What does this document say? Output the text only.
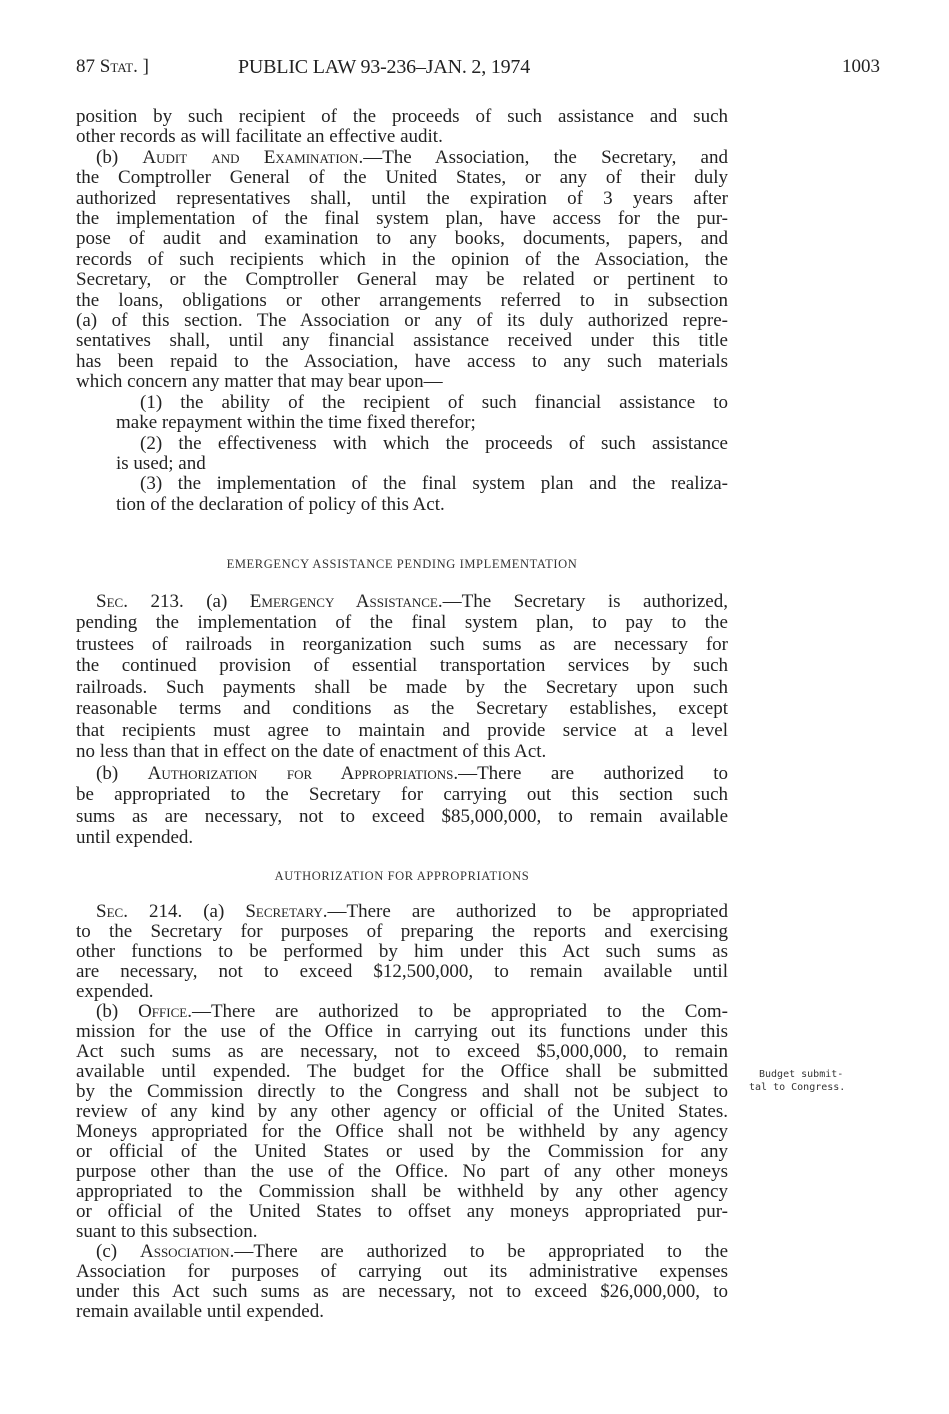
87 Stat. ]	PUBLIC LAW 93-236–JAN. 2, 1974	1003
position by such recipient of the proceeds of such assistance and such
other records as will facilitate an effective audit.
(b) Audit and Examination.—The Association, the Secretary, and
the Comptroller General of the United States, or any of their duly
authorized representatives shall, until the expiration of 3 years after
the implementation of the final system plan, have access for the pur-
pose of audit and examination to any books, documents, papers, and
records of such recipients which in the opinion of the Association, the
Secretary, or the Comptroller General may be related or pertinent to
the loans, obligations or other arrangements referred to in subsection
(a) of this section. The Association or any of its duly authorized repre-
sentatives shall, until any financial assistance received under this title
has been repaid to the Association, have access to any such materials
which concern any matter that may bear upon—
(1) the ability of the recipient of such financial assistance to
make repayment within the time fixed therefor;
(2) the effectiveness with which the proceeds of such assistance
is used; and
(3) the implementation of the final system plan and the realiza-
tion of the declaration of policy of this Act.
EMERGENCY ASSISTANCE PENDING IMPLEMENTATION
Sec. 213. (a) Emergency Assistance.—The Secretary is authorized,
pending the implementation of the final system plan, to pay to the
trustees of railroads in reorganization such sums as are necessary for
the continued provision of essential transportation services by such
railroads. Such payments shall be made by the Secretary upon such
reasonable terms and conditions as the Secretary establishes, except
that recipients must agree to maintain and provide service at a level
no less than that in effect on the date of enactment of this Act.
(b) Authorization for Appropriations.—There are authorized to
be appropriated to the Secretary for carrying out this section such
sums as are necessary, not to exceed $85,000,000, to remain available
until expended.
AUTHORIZATION FOR APPROPRIATIONS
Sec. 214. (a) Secretary.—There are authorized to be appropriated
to the Secretary for purposes of preparing the reports and exercising
other functions to be performed by him under this Act such sums as
are necessary, not to exceed $12,500,000, to remain available until
expended.
(b) Office.—There are authorized to be appropriated to the Com-
mission for the use of the Office in carrying out its functions under this
Act such sums as are necessary, not to exceed $5,000,000, to remain
available until expended. The budget for the Office shall be submitted
by the Commission directly to the Congress and shall not be subject to
review of any kind by any other agency or official of the United States.
Moneys appropriated for the Office shall not be withheld by any agency
or official of the United States or used by the Commission for any
purpose other than the use of the Office. No part of any other moneys
appropriated to the Commission shall be withheld by any other agency
or official of the United States to offset any moneys appropriated pur-
suant to this subsection.
(c) Association.—There are authorized to be appropriated to the
Association for purposes of carrying out its administrative expenses
under this Act such sums as are necessary, not to exceed $26,000,000, to
remain available until expended.
Budget submit-
tal to Congress.
